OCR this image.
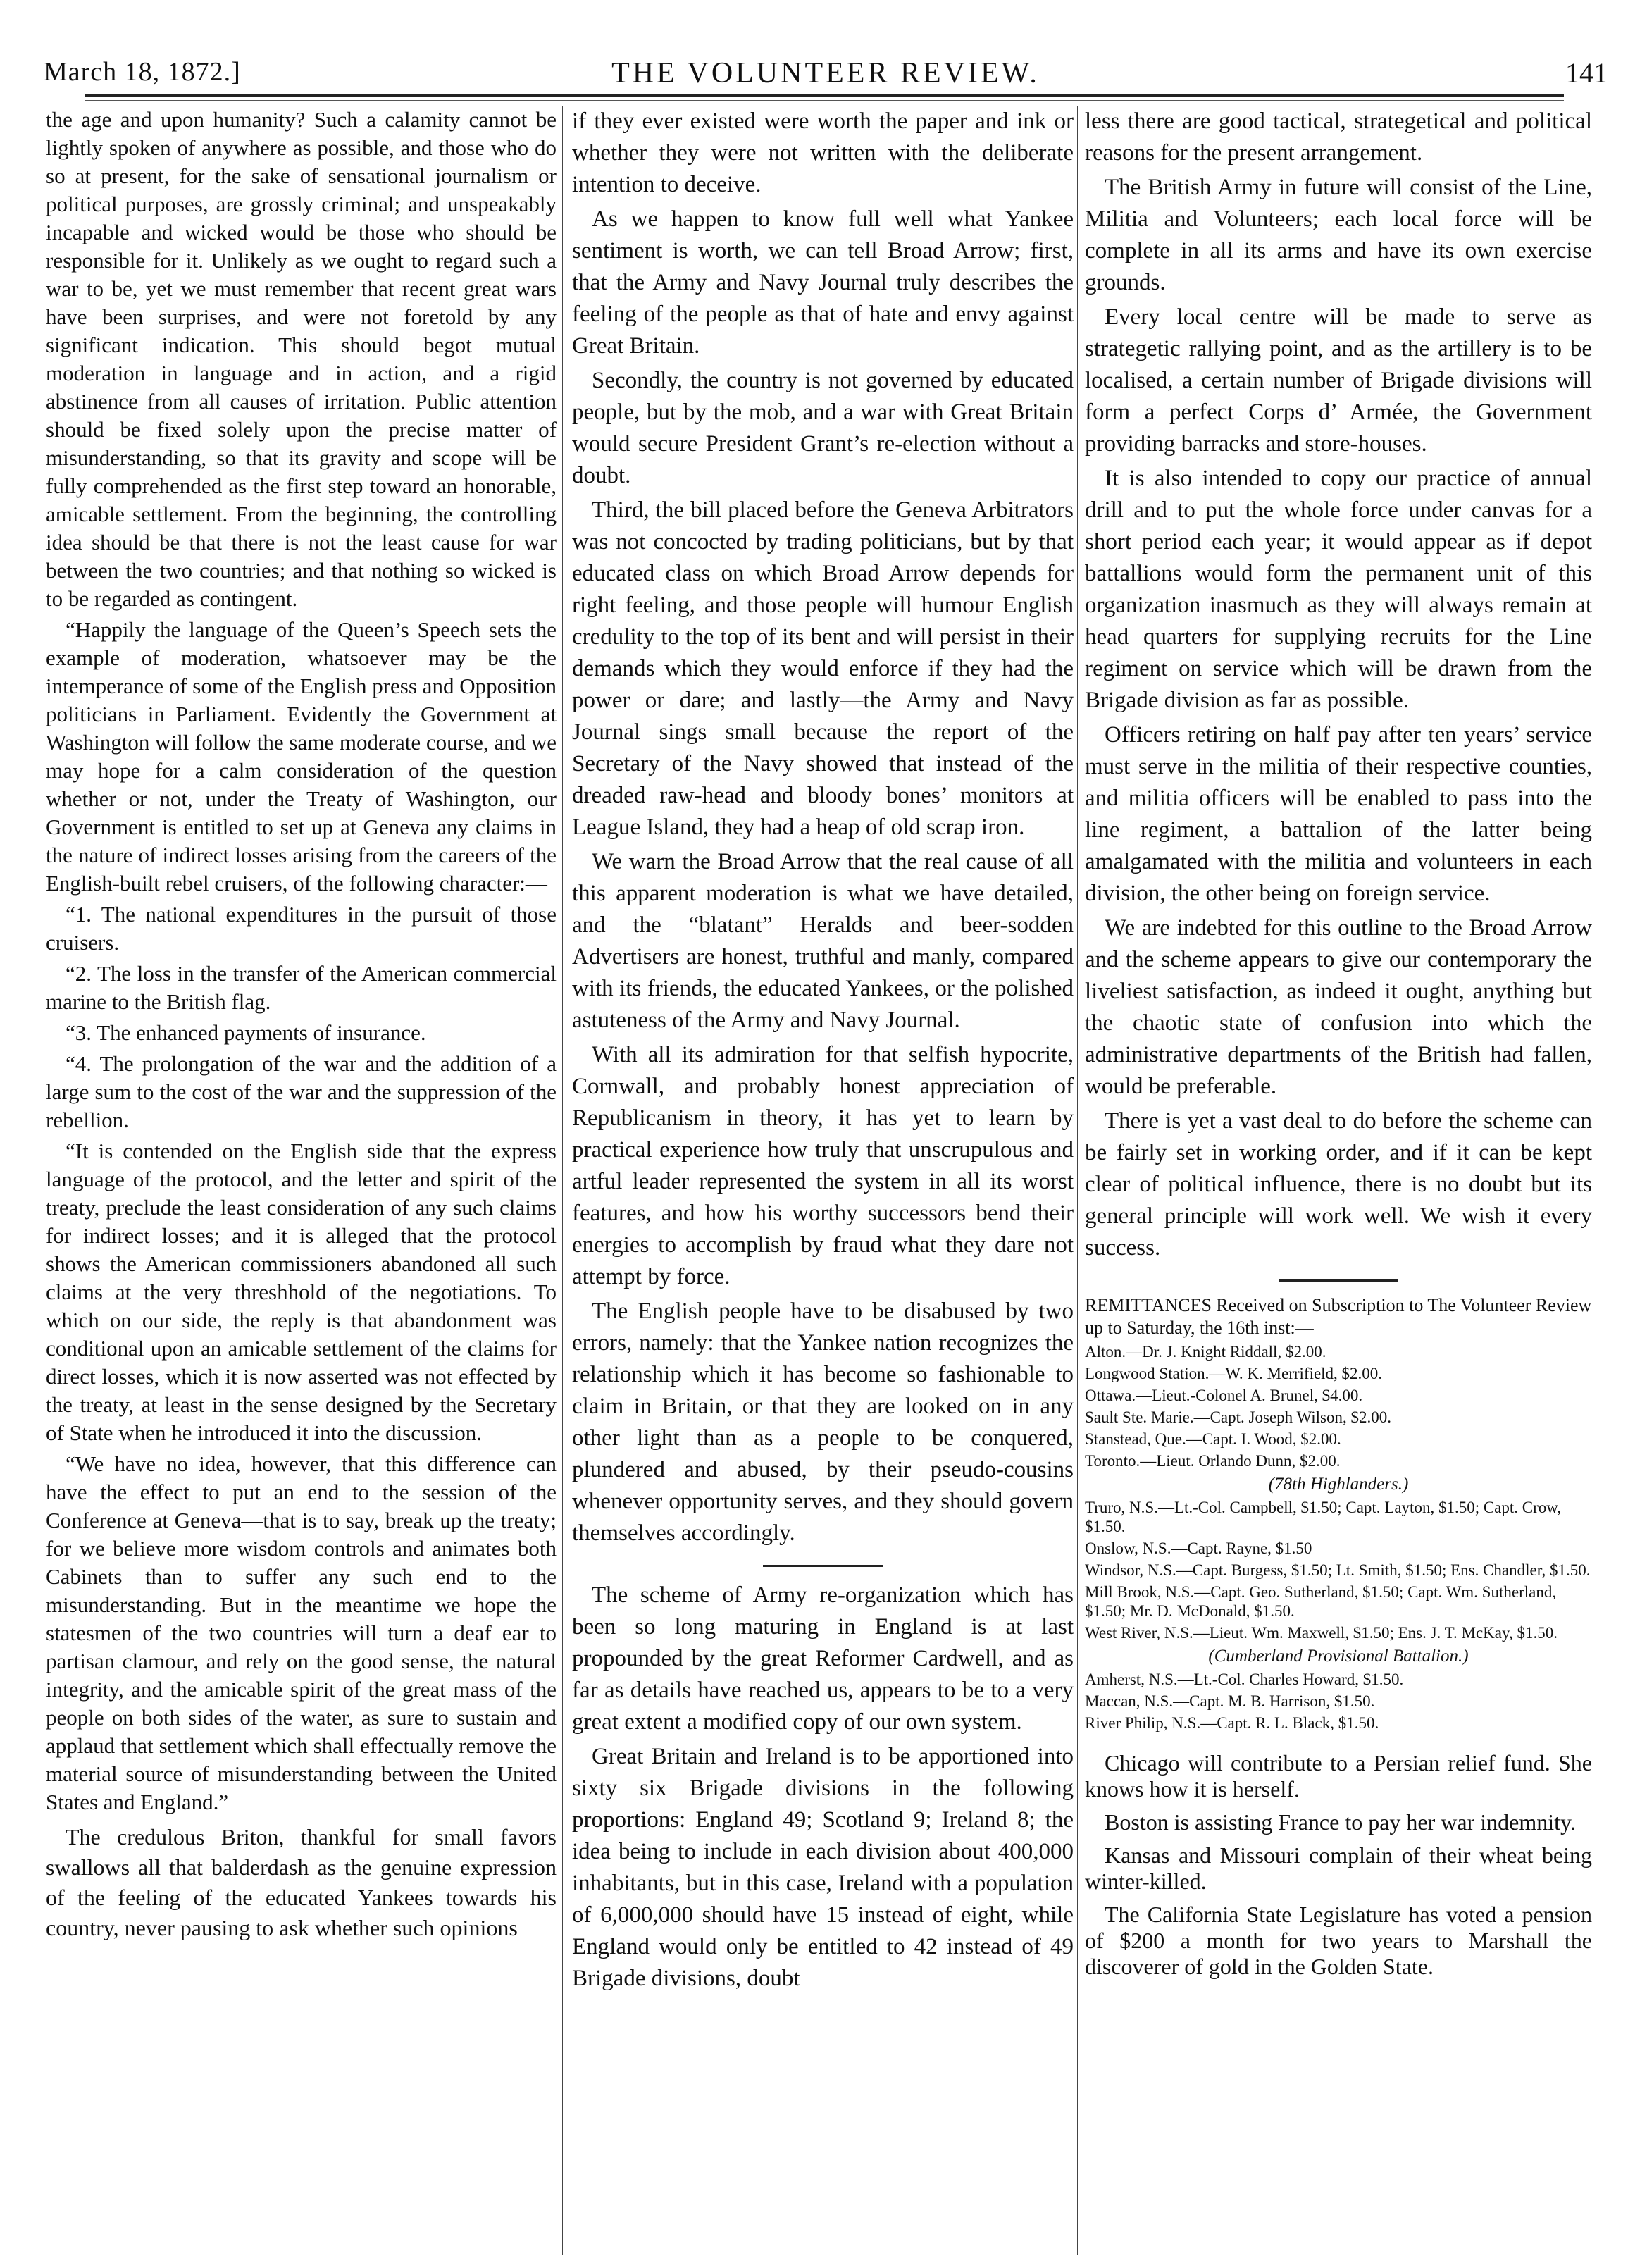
March 18, 1872.]	THE VOLUNTEER REVIEW.	141

the age and upon humanity? Such a calamity cannot be lightly spoken of anywhere as possible, and those who do so at present, for the sake of sensational journalism or political purposes, are grossly criminal; and unspeakably incapable and wicked would be those who should be responsible for it. Unlikely as we ought to regard such a war to be, yet we must remember that recent great wars have been surprises, and were not foretold by any significant indication. This should begot mutual moderation in language and in action, and a rigid abstinence from all causes of irritation. Public attention should be fixed solely upon the precise matter of misunderstanding, so that its gravity and scope will be fully comprehended as the first step toward an honorable, amicable settlement. From the beginning, the controlling idea should be that there is not the least cause for war between the two countries; and that nothing so wicked is to be regarded as contingent.

“Happily the language of the Queen’s Speech sets the example of moderation, whatsoever may be the intemperance of some of the English press and Opposition politicians in Parliament. Evidently the Government at Washington will follow the same moderate course, and we may hope for a calm consideration of the question whether or not, under the Treaty of Washington, our Government is entitled to set up at Geneva any claims in the nature of indirect losses arising from the careers of the English-built rebel cruisers, of the following character:—

“1. The national expenditures in the pursuit of those cruisers.

“2. The loss in the transfer of the American commercial marine to the British flag.

“3. The enhanced payments of insurance.

“4. The prolongation of the war and the addition of a large sum to the cost of the war and the suppression of the rebellion.

“It is contended on the English side that the express language of the protocol, and the letter and spirit of the treaty, preclude the least consideration of any such claims for indirect losses; and it is alleged that the protocol shows the American commissioners abandoned all such claims at the very threshhold of the negotiations. To which on our side, the reply is that abandonment was conditional upon an amicable settlement of the claims for direct losses, which it is now asserted was not effected by the treaty, at least in the sense designed by the Secretary of State when he introduced it into the discussion.

“We have no idea, however, that this difference can have the effect to put an end to the session of the Conference at Geneva—that is to say, break up the treaty; for we believe more wisdom controls and animates both Cabinets than to suffer any such end to the misunderstanding. But in the meantime we hope the statesmen of the two countries will turn a deaf ear to partisan clamour, and rely on the good sense, the natural integrity, and the amicable spirit of the great mass of the people on both sides of the water, as sure to sustain and applaud that settlement which shall effectually remove the material source of misunderstanding between the United States and England.”

The credulous Briton, thankful for small favors swallows all that balderdash as the genuine expression of the feeling of the educated Yankees towards his country, never pausing to ask whether such opinions

if they ever existed were worth the paper and ink or whether they were not written with the deliberate intention to deceive.

As we happen to know full well what Yankee sentiment is worth, we can tell Broad Arrow; first, that the Army and Navy Journal truly describes the feeling of the people as that of hate and envy against Great Britain.

Secondly, the country is not governed by educated people, but by the mob, and a war with Great Britain would secure President Grant’s re-election without a doubt.

Third, the bill placed before the Geneva Arbitrators was not concocted by trading politicians, but by that educated class on which Broad Arrow depends for right feeling, and those people will humour English credulity to the top of its bent and will persist in their demands which they would enforce if they had the power or dare; and lastly—the Army and Navy Journal sings small because the report of the Secretary of the Navy showed that instead of the dreaded raw-head and bloody bones’ monitors at League Island, they had a heap of old scrap iron.

We warn the Broad Arrow that the real cause of all this apparent moderation is what we have detailed, and the “blatant” Heralds and beer-sodden Advertisers are honest, truthful and manly, compared with its friends, the educated Yankees, or the polished astuteness of the Army and Navy Journal.

With all its admiration for that selfish hypocrite, Cornwall, and probably honest appreciation of Republicanism in theory, it has yet to learn by practical experience how truly that unscrupulous and artful leader represented the system in all its worst features, and how his worthy successors bend their energies to accomplish by fraud what they dare not attempt by force.

The English people have to be disabused by two errors, namely: that the Yankee nation recognizes the relationship which it has become so fashionable to claim in Britain, or that they are looked on in any other light than as a people to be conquered, plundered and abused, by their pseudo-cousins whenever opportunity serves, and they should govern themselves accordingly.

The scheme of Army re-organization which has been so long maturing in England is at last propounded by the great Reformer Cardwell, and as far as details have reached us, appears to be to a very great extent a modified copy of our own system.

Great Britain and Ireland is to be apportioned into sixty six Brigade divisions in the following proportions: England 49; Scotland 9; Ireland 8; the idea being to include in each division about 400,000 inhabitants, but in this case, Ireland with a population of 6,000,000 should have 15 instead of eight, while England would only be entitled to 42 instead of 49 Brigade divisions, doubt

less there are good tactical, strategetical and political reasons for the present arrangement.

The British Army in future will consist of the Line, Militia and Volunteers; each local force will be complete in all its arms and have its own exercise grounds.

Every local centre will be made to serve as strategetic rallying point, and as the artillery is to be localised, a certain number of Brigade divisions will form a perfect Corps d’ Armée, the Government providing barracks and store-houses.

It is also intended to copy our practice of annual drill and to put the whole force under canvas for a short period each year; it would appear as if depot battallions would form the permanent unit of this organization inasmuch as they will always remain at head quarters for supplying recruits for the Line regiment on service which will be drawn from the Brigade division as far as possible.

Officers retiring on half pay after ten years’ service must serve in the militia of their respective counties, and militia officers will be enabled to pass into the line regiment, a battalion of the latter being amalgamated with the militia and volunteers in each division, the other being on foreign service.

We are indebted for this outline to the Broad Arrow and the scheme appears to give our contemporary the liveliest satisfaction, as indeed it ought, anything but the chaotic state of confusion into which the administrative departments of the British had fallen, would be preferable.

There is yet a vast deal to do before the scheme can be fairly set in working order, and if it can be kept clear of political influence, there is no doubt but its general principle will work well. We wish it every success.

REMITTANCES Received on Subscription to The Volunteer Review up to Saturday, the 16th inst:—

Alton.—Dr. J. Knight Riddall, $2.00.

Longwood Station.—W. K. Merrifield, $2.00.

Ottawa.—Lieut.-Colonel A. Brunel, $4.00.

Sault Ste. Marie.—Capt. Joseph Wilson, $2.00.

Stanstead, Que.—Capt. I. Wood, $2.00.

Toronto.—Lieut. Orlando Dunn, $2.00.

(78th Highlanders.)

Truro, N.S.—Lt.-Col. Campbell, $1.50; Capt. Layton, $1.50; Capt. Crow, $1.50.

Onslow, N.S.—Capt. Rayne, $1.50

Windsor, N.S.—Capt. Burgess, $1.50; Lt. Smith, $1.50; Ens. Chandler, $1.50.

Mill Brook, N.S.—Capt. Geo. Sutherland, $1.50; Capt. Wm. Sutherland, $1.50; Mr. D. McDonald, $1.50.

West River, N.S.—Lieut. Wm. Maxwell, $1.50; Ens. J. T. McKay, $1.50.

(Cumberland Provisional Battalion.)

Amherst, N.S.—Lt.-Col. Charles Howard, $1.50.

Maccan, N.S.—Capt. M. B. Harrison, $1.50.

River Philip, N.S.—Capt. R. L. Black, $1.50.

Chicago will contribute to a Persian relief fund. She knows how it is herself.

Boston is assisting France to pay her war indemnity.

Kansas and Missouri complain of their wheat being winter-killed.

The California State Legislature has voted a pension of $200 a month for two years to Marshall the discoverer of gold in the Golden State.
